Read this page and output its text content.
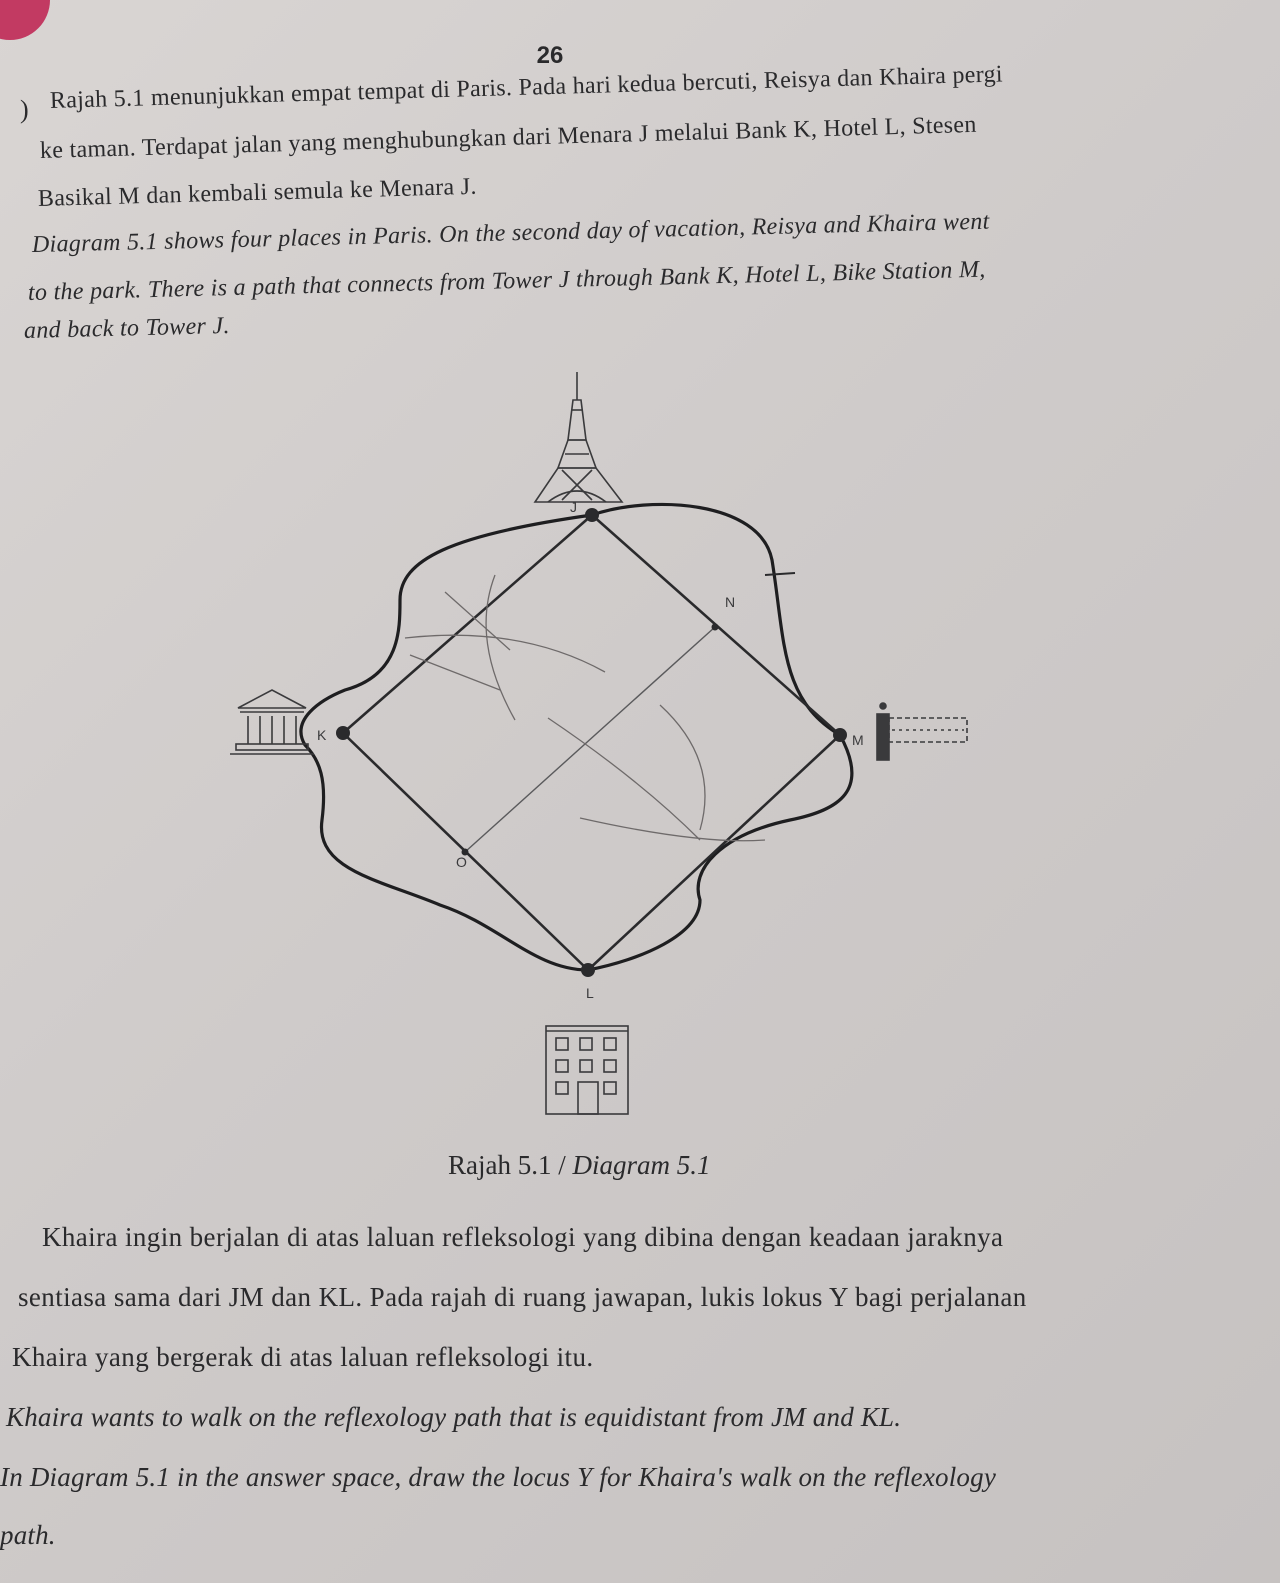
26
) Rajah 5.1 menunjukkan empat tempat di Paris. Pada hari kedua bercuti, Reisya dan Khaira pergi
ke taman. Terdapat jalan yang menghubungkan dari Menara J melalui Bank K, Hotel L, Stesen
Basikal M dan kembali semula ke Menara J.
Diagram 5.1 shows four places in Paris. On the second day of vacation, Reisya and Khaira went
to the park. There is a path that connects from Tower J through Bank K, Hotel L, Bike Station M,
and back to Tower J.
J
K
L
M
N
O
Rajah 5.1 / Diagram 5.1
Khaira ingin berjalan di atas laluan refleksologi yang dibina dengan keadaan jaraknya
sentiasa sama dari JM dan KL. Pada rajah di ruang jawapan, lukis lokus Y bagi perjalanan
Khaira yang bergerak di atas laluan refleksologi itu.
Khaira wants to walk on the reflexology path that is equidistant from JM and KL.
In Diagram 5.1 in the answer space, draw the locus Y for Khaira's walk on the reflexology
path.
